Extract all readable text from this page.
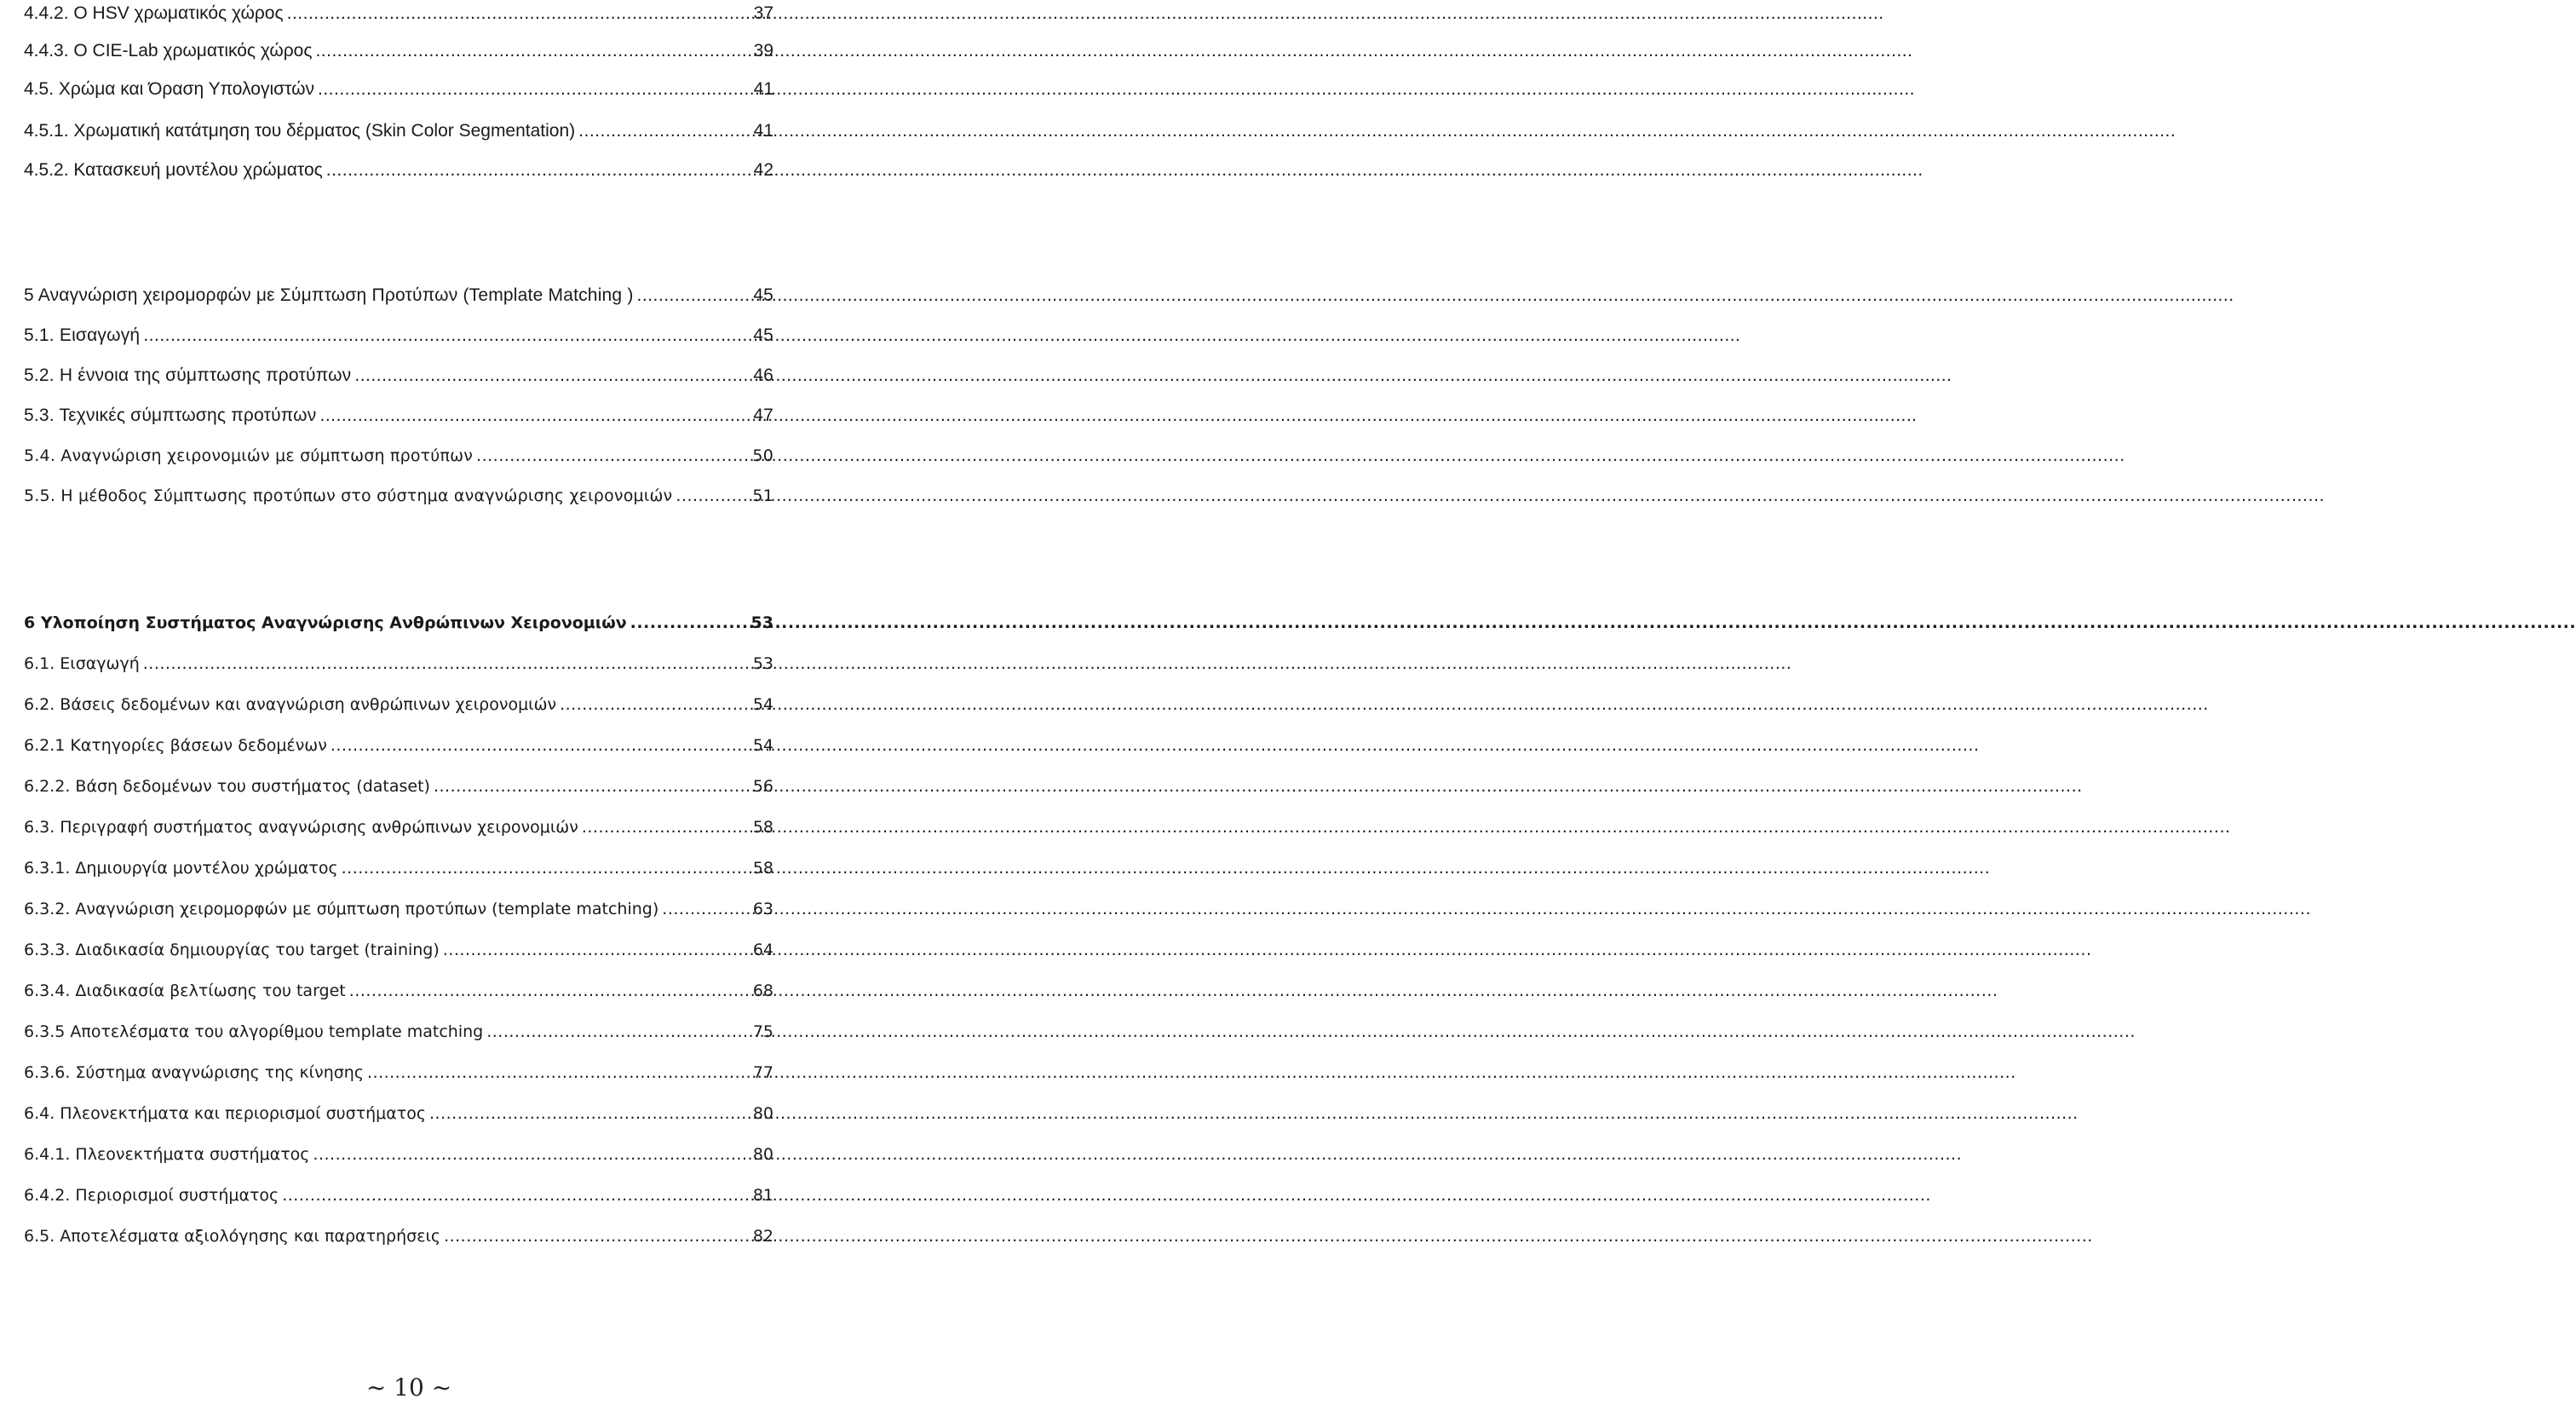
4.4.2. Ο HSV χρωματικός χώρος .....	37
4.4.3. Ο CIE-Lab χρωματικός χώρος .....	39
4.5. Χρώμα και Όραση Υπολογιστών .....	41
4.5.1. Χρωματική κατάτμηση του δέρματος (Skin Color Segmentation) .....	41
4.5.2. Κατασκευή μοντέλου χρώματος .....	42
5 Αναγνώριση χειρομορφών με Σύμπτωση Προτύπων (Template Matching ) .....	45
5.1. Εισαγωγή .....	45
5.2. Η έννοια της σύμπτωσης προτύπων .....	46
5.3. Τεχνικές σύμπτωσης προτύπων .....	47
5.4. Αναγνώριση χειρονομιών με σύμπτωση προτύπων .....	50
5.5. Η μέθοδος Σύμπτωσης προτύπων στο σύστημα αναγνώρισης χειρονομιών .....	51
6 Υλοποίηση Συστήματος Αναγνώρισης Ανθρώπινων Χειρονομιών .....	53
6.1. Εισαγωγή .....	53
6.2. Βάσεις δεδομένων και αναγνώριση ανθρώπινων χειρονομιών .....	54
6.2.1 Κατηγορίες βάσεων δεδομένων .....	54
6.2.2. Βάση δεδομένων του συστήματος (dataset) .....	56
6.3. Περιγραφή συστήματος αναγνώρισης ανθρώπινων χειρονομιών .....	58
6.3.1. Δημιουργία μοντέλου χρώματος .....	58
6.3.2. Αναγνώριση χειρομορφών με σύμπτωση προτύπων (template matching) .....	63
6.3.3. Διαδικασία δημιουργίας του target (training) .....	64
6.3.4. Διαδικασία βελτίωσης του target .....	68
6.3.5 Αποτελέσματα του αλγορίθμου template matching .....	75
6.3.6. Σύστημα αναγνώρισης της κίνησης .....	77
6.4. Πλεονεκτήματα και περιορισμοί συστήματος .....	80
6.4.1. Πλεονεκτήματα συστήματος .....	80
6.4.2. Περιορισμοί συστήματος .....	81
6.5. Αποτελέσματα αξιολόγησης και παρατηρήσεις .....	82
~ 10 ~
